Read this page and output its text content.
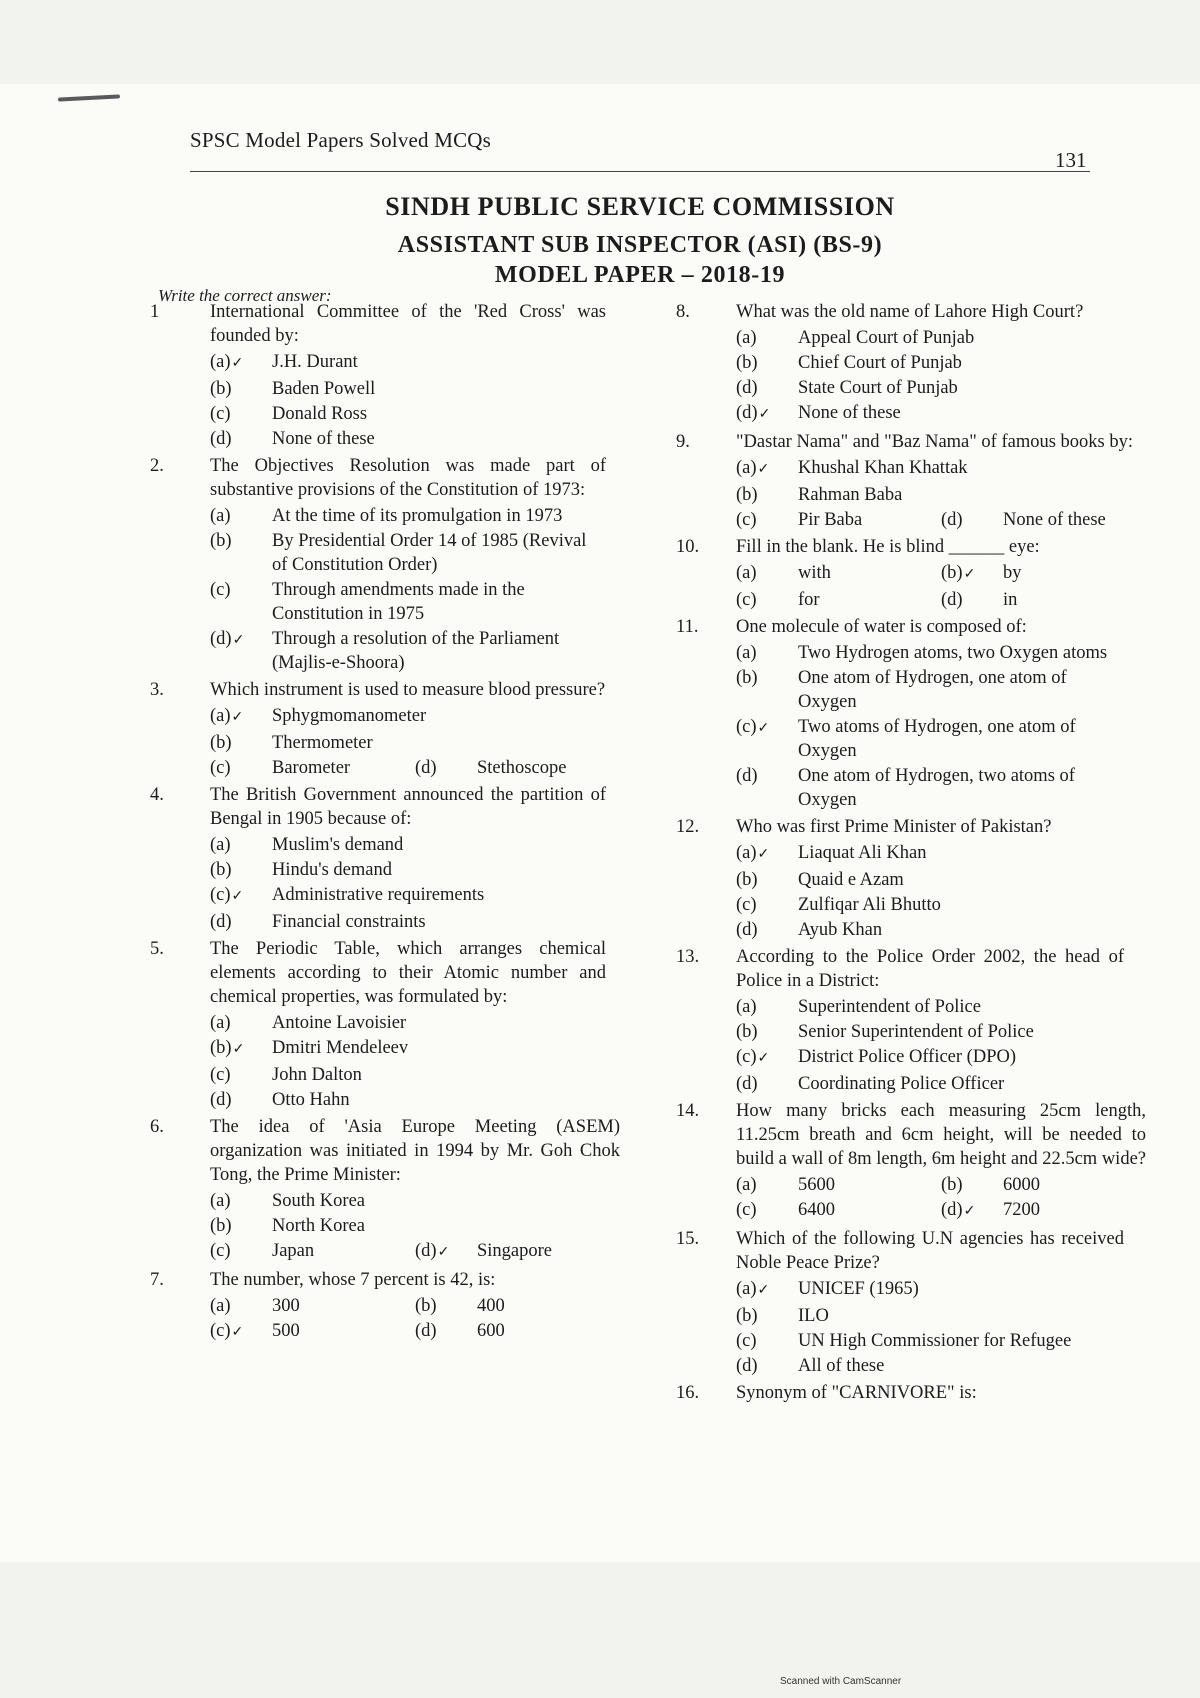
SPSC Model Papers Solved MCQs
131
SINDH PUBLIC SERVICE COMMISSION
ASSISTANT SUB INSPECTOR (ASI) (BS-9)
MODEL PAPER – 2018-19
Write the correct answer:
1	International Committee of the 'Red Cross' was founded by:
(a)✓	J.H. Durant
(b)	Baden Powell
(c)	Donald Ross
(d)	None of these
2.	The Objectives Resolution was made part of substantive provisions of the Constitution of 1973:
(a)	At the time of its promulgation in 1973
(b)	By Presidential Order 14 of 1985 (Revival of Constitution Order)
(c)	Through amendments made in the Constitution in 1975
(d)✓	Through a resolution of the Parliament (Majlis-e-Shoora)
3.	Which instrument is used to measure blood pressure?
(a)✓	Sphygmomanometer
(b)	Thermometer
(c)	Barometer	(d)	Stethoscope
4.	The British Government announced the partition of Bengal in 1905 because of:
(a)	Muslim's demand
(b)	Hindu's demand
(c)✓	Administrative requirements
(d)	Financial constraints
5.	The Periodic Table, which arranges chemical elements according to their Atomic number and chemical properties, was formulated by:
(a)	Antoine Lavoisier
(b)✓	Dmitri Mendeleev
(c)	John Dalton
(d)	Otto Hahn
6.	The idea of 'Asia Europe Meeting (ASEM) organization was initiated in 1994 by Mr. Goh Chok Tong, the Prime Minister:
(a)	South Korea
(b)	North Korea
(c)	Japan	(d)✓	Singapore
7.	The number, whose 7 percent is 42, is:
(a)	300	(b)	400
(c)✓	500	(d)	600
8.	What was the old name of Lahore High Court?
(a)	Appeal Court of Punjab
(b)	Chief Court of Punjab
(d)	State Court of Punjab
(d)✓	None of these
9.	"Dastar Nama" and "Baz Nama" of famous books by:
(a)✓	Khushal Khan Khattak
(b)	Rahman Baba
(c)	Pir Baba	(d)	None of these
10.	Fill in the blank. He is blind ______ eye:
(a)	with	(b)✓	by
(c)	for	(d)	in
11.	One molecule of water is composed of:
(a)	Two Hydrogen atoms, two Oxygen atoms
(b)	One atom of Hydrogen, one atom of Oxygen
(c)✓	Two atoms of Hydrogen, one atom of Oxygen
(d)	One atom of Hydrogen, two atoms of Oxygen
12.	Who was first Prime Minister of Pakistan?
(a)✓	Liaquat Ali Khan
(b)	Quaid e Azam
(c)	Zulfiqar Ali Bhutto
(d)	Ayub Khan
13.	According to the Police Order 2002, the head of Police in a District:
(a)	Superintendent of Police
(b)	Senior Superintendent of Police
(c)✓	District Police Officer (DPO)
(d)	Coordinating Police Officer
14.	How many bricks each measuring 25cm length, 11.25cm breath and 6cm height, will be needed to build a wall of 8m length, 6m height and 22.5cm wide?
(a)	5600	(b)	6000
(c)	6400	(d)✓	7200
15.	Which of the following U.N agencies has received Noble Peace Prize?
(a)✓	UNICEF (1965)
(b)	ILO
(c)	UN High Commissioner for Refugee
(d)	All of these
16.	Synonym of "CARNIVORE" is:
Scanned with CamScanner
